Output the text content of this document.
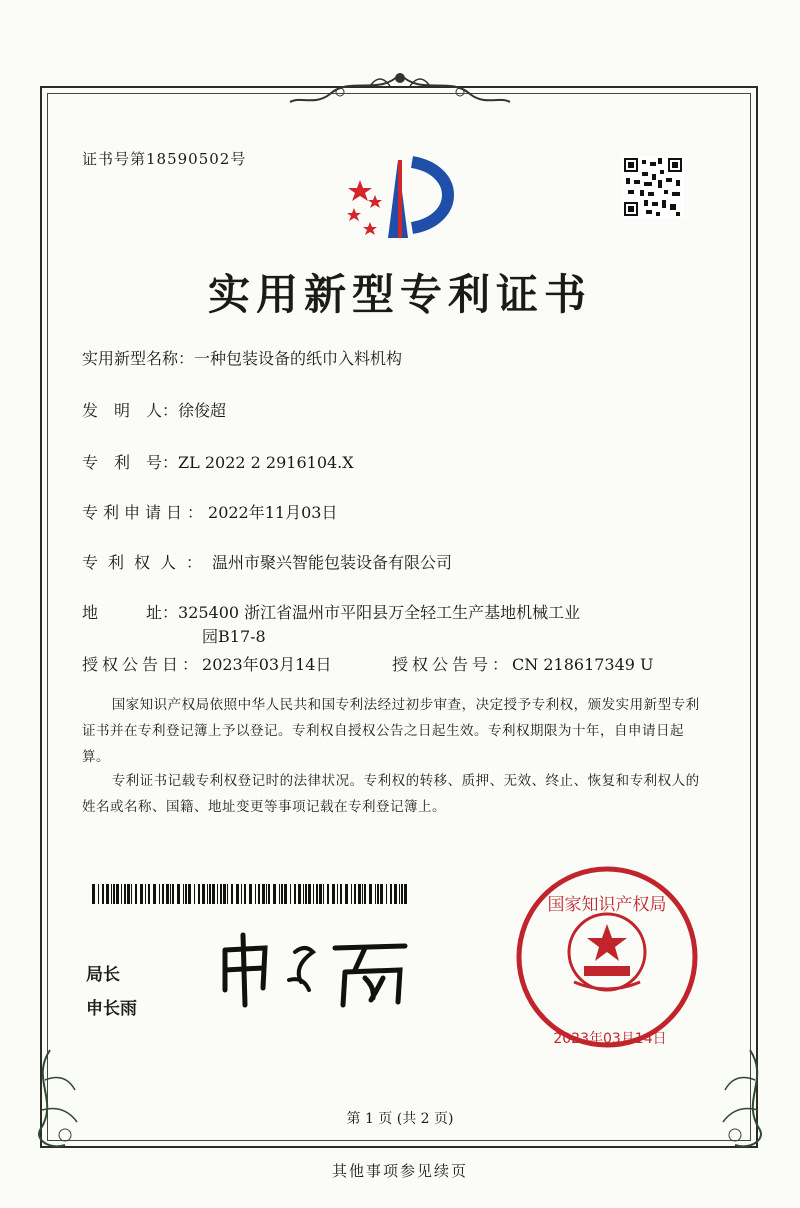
证书号第18590502号
实用新型专利证书
实用新型名称：一种包装设备的纸巾入料机构
发　明　人：徐俊超
专　利　号：ZL 2022 2 2916104.X
专利申请日：2022年11月03日
专利权人：温州市聚兴智能包装设备有限公司
地　　　址：325400 浙江省温州市平阳县万全轻工生产基地机械工业
园B17-8
授权公告日：2023年03月14日	授权公告号：CN 218617349 U
国家知识产权局依照中华人民共和国专利法经过初步审查，决定授予专利权，颁发实用新型专利证书并在专利登记簿上予以登记。专利权自授权公告之日起生效。专利权期限为十年，自申请日起算。
专利证书记载专利权登记时的法律状况。专利权的转移、质押、无效、终止、恢复和专利权人的姓名或名称、国籍、地址变更等事项记载在专利登记簿上。
局长
申长雨
国家知识产权局
2023年03月14日
第 1 页 (共 2 页)
其他事项参见续页
